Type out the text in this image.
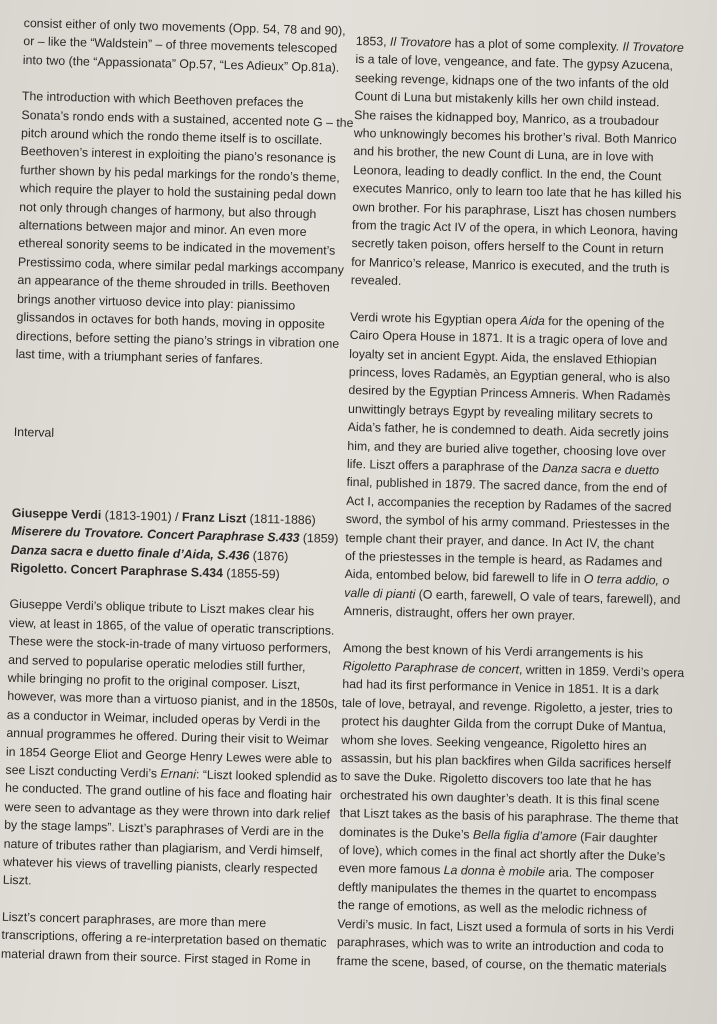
consist either of only two movements (Opp. 54, 78 and 90),
or – like the “Waldstein” – of three movements telescoped
into two (the “Appassionata” Op.57, “Les Adieux” Op.81a).

The introduction with which Beethoven prefaces the
Sonata’s rondo ends with a sustained, accented note G – the
pitch around which the rondo theme itself is to oscillate.
Beethoven’s interest in exploiting the piano’s resonance is
further shown by his pedal markings for the rondo’s theme,
which require the player to hold the sustaining pedal down
not only through changes of harmony, but also through
alternations between major and minor. An even more
ethereal sonority seems to be indicated in the movement’s
Prestissimo coda, where similar pedal markings accompany
an appearance of the theme shrouded in trills. Beethoven
brings another virtuoso device into play: pianissimo
glissandos in octaves for both hands, moving in opposite
directions, before setting the piano’s strings in vibration one
last time, with a triumphant series of fanfares.

Interval

Giuseppe Verdi (1813-1901) / Franz Liszt (1811-1886)
Miserere du Trovatore. Concert Paraphrase S.433 (1859)
Danza sacra e duetto finale d’Aida, S.436 (1876)
Rigoletto. Concert Paraphrase S.434 (1855-59)

Giuseppe Verdi’s oblique tribute to Liszt makes clear his
view, at least in 1865, of the value of operatic transcriptions.
These were the stock-in-trade of many virtuoso performers,
and served to popularise operatic melodies still further,
while bringing no profit to the original composer. Liszt,
however, was more than a virtuoso pianist, and in the 1850s,
as a conductor in Weimar, included operas by Verdi in the
annual programmes he offered. During their visit to Weimar
in 1854 George Eliot and George Henry Lewes were able to
see Liszt conducting Verdi’s Ernani: “Liszt looked splendid as
he conducted. The grand outline of his face and floating hair
were seen to advantage as they were thrown into dark relief
by the stage lamps”. Liszt’s paraphrases of Verdi are in the
nature of tributes rather than plagiarism, and Verdi himself,
whatever his views of travelling pianists, clearly respected
Liszt.

Liszt’s concert paraphrases, are more than mere
transcriptions, offering a re-interpretation based on thematic
material drawn from their source. First staged in Rome in

1853, Il Trovatore has a plot of some complexity. Il Trovatore
is a tale of love, vengeance, and fate. The gypsy Azucena,
seeking revenge, kidnaps one of the two infants of the old
Count di Luna but mistakenly kills her own child instead.
She raises the kidnapped boy, Manrico, as a troubadour
who unknowingly becomes his brother’s rival. Both Manrico
and his brother, the new Count di Luna, are in love with
Leonora, leading to deadly conflict. In the end, the Count
executes Manrico, only to learn too late that he has killed his
own brother. For his paraphrase, Liszt has chosen numbers
from the tragic Act IV of the opera, in which Leonora, having
secretly taken poison, offers herself to the Count in return
for Manrico’s release, Manrico is executed, and the truth is
revealed.

Verdi wrote his Egyptian opera Aida for the opening of the
Cairo Opera House in 1871. It is a tragic opera of love and
loyalty set in ancient Egypt. Aida, the enslaved Ethiopian
princess, loves Radamès, an Egyptian general, who is also
desired by the Egyptian Princess Amneris. When Radamès
unwittingly betrays Egypt by revealing military secrets to
Aida’s father, he is condemned to death. Aida secretly joins
him, and they are buried alive together, choosing love over
life. Liszt offers a paraphrase of the Danza sacra e duetto
final, published in 1879. The sacred dance, from the end of
Act I, accompanies the reception by Radames of the sacred
sword, the symbol of his army command. Priestesses in the
temple chant their prayer, and dance. In Act IV, the chant
of the priestesses in the temple is heard, as Radames and
Aida, entombed below, bid farewell to life in O terra addio, o
valle di pianti (O earth, farewell, O vale of tears, farewell), and
Amneris, distraught, offers her own prayer.

Among the best known of his Verdi arrangements is his
Rigoletto Paraphrase de concert, written in 1859. Verdi’s opera
had had its first performance in Venice in 1851. It is a dark
tale of love, betrayal, and revenge. Rigoletto, a jester, tries to
protect his daughter Gilda from the corrupt Duke of Mantua,
whom she loves. Seeking vengeance, Rigoletto hires an
assassin, but his plan backfires when Gilda sacrifices herself
to save the Duke. Rigoletto discovers too late that he has
orchestrated his own daughter’s death. It is this final scene
that Liszt takes as the basis of his paraphrase. The theme that
dominates is the Duke’s Bella figlia d’amore (Fair daughter
of love), which comes in the final act shortly after the Duke’s
even more famous La donna è mobile aria. The composer
deftly manipulates the themes in the quartet to encompass
the range of emotions, as well as the melodic richness of
Verdi’s music. In fact, Liszt used a formula of sorts in his Verdi
paraphrases, which was to write an introduction and coda to
frame the scene, based, of course, on the thematic materials
